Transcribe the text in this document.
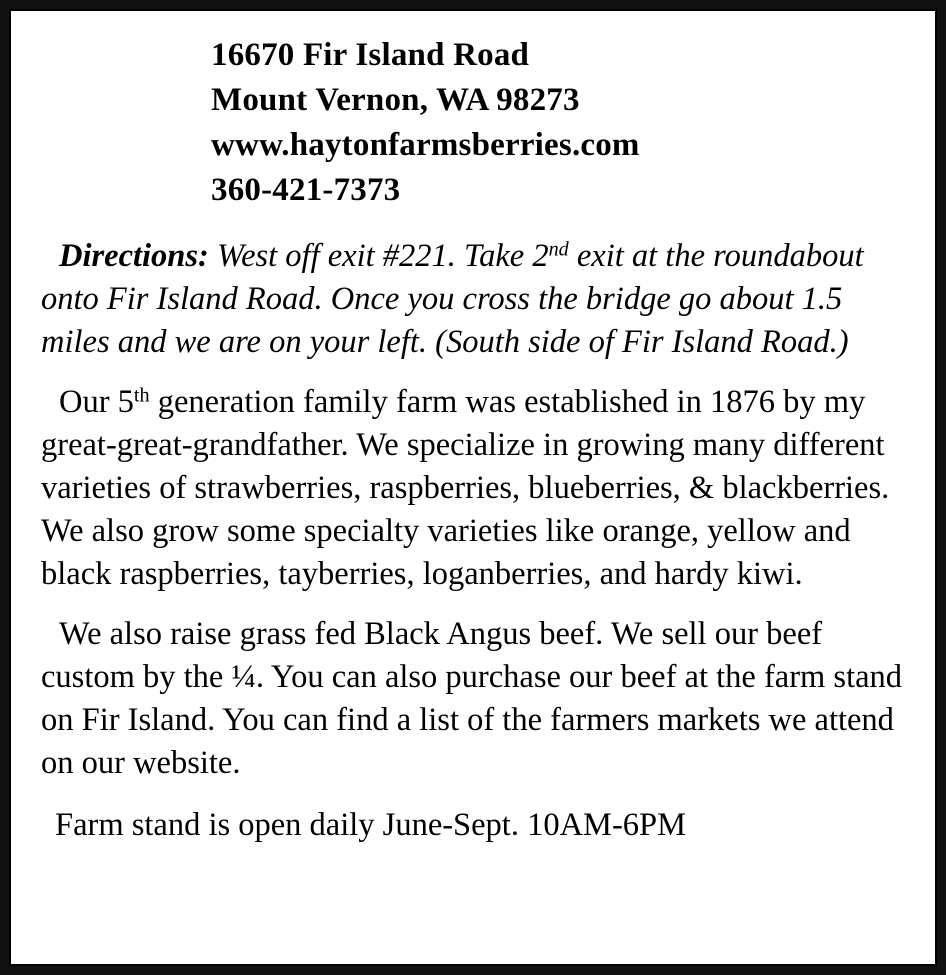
16670 Fir Island Road
Mount Vernon, WA 98273
www.haytonfarmsberries.com
360-421-7373

Directions: West off exit #221. Take 2nd exit at the roundabout onto Fir Island Road. Once you cross the bridge go about 1.5 miles and we are on your left. (South side of Fir Island Road.)

Our 5th generation family farm was established in 1876 by my great-great-grandfather. We specialize in growing many different varieties of strawberries, raspberries, blueberries, & blackberries. We also grow some specialty varieties like orange, yellow and black raspberries, tayberries, loganberries, and hardy kiwi.

We also raise grass fed Black Angus beef. We sell our beef custom by the ¼. You can also purchase our beef at the farm stand on Fir Island. You can find a list of the farmers markets we attend on our website.

Farm stand is open daily June-Sept. 10AM-6PM
